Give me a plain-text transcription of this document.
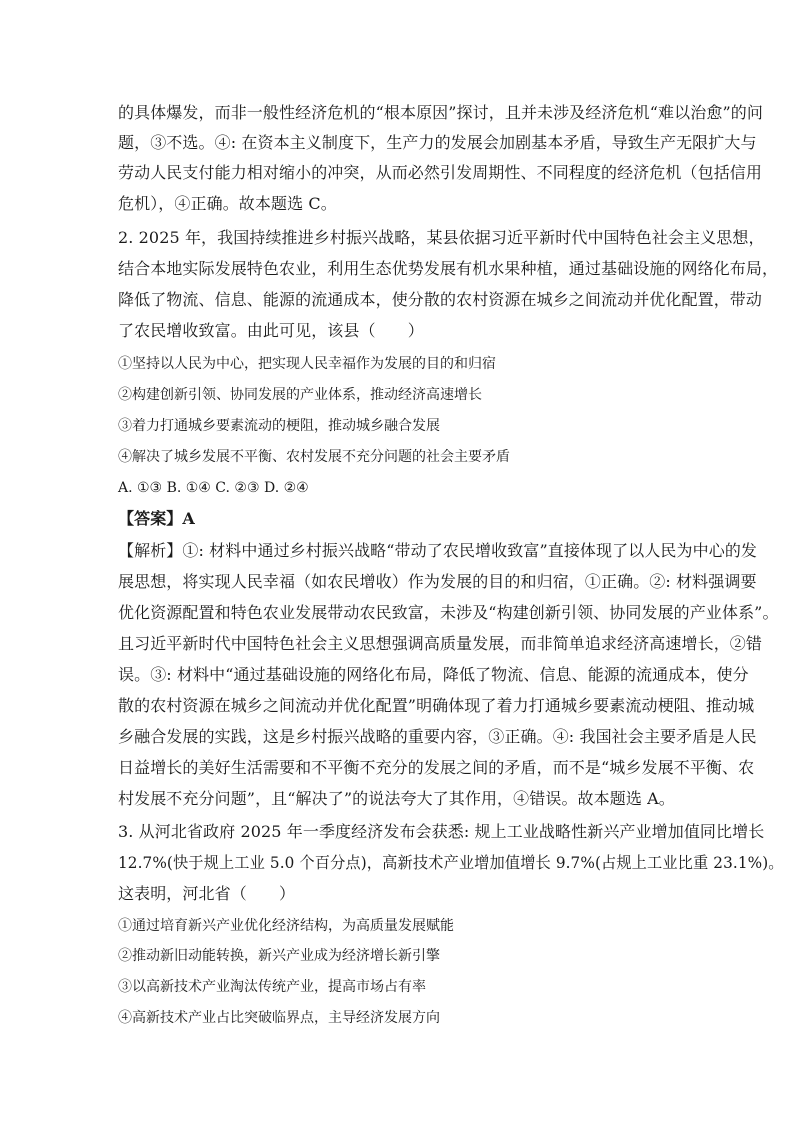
的具体爆发，而非一般性经济危机的“根本原因”探讨，且并未涉及经济危机“难以治愈”的问
题，③不选。④: 在资本主义制度下，生产力的发展会加剧基本矛盾，导致生产无限扩大与
劳动人民支付能力相对缩小的冲突，从而必然引发周期性、不同程度的经济危机（包括信用
危机），④正确。故本题选 C。
2. 2025 年，我国持续推进乡村振兴战略，某县依据习近平新时代中国特色社会主义思想，
结合本地实际发展特色农业，利用生态优势发展有机水果种植，通过基础设施的网络化布局，
降低了物流、信息、能源的流通成本，使分散的农村资源在城乡之间流动并优化配置，带动
了农民增收致富。由此可见，该县（　　）
①坚持以人民为中心，把实现人民幸福作为发展的目的和归宿
②构建创新引领、协同发展的产业体系，推动经济高速增长
③着力打通城乡要素流动的梗阻，推动城乡融合发展
④解决了城乡发展不平衡、农村发展不充分问题的社会主要矛盾
A. ①③ B. ①④ C. ②③ D. ②④
【答案】A
【解析】①: 材料中通过乡村振兴战略“带动了农民增收致富”直接体现了以人民为中心的发
展思想，将实现人民幸福（如农民增收）作为发展的目的和归宿，①正确。②: 材料强调要
优化资源配置和特色农业发展带动农民致富，未涉及“构建创新引领、协同发展的产业体系”。
且习近平新时代中国特色社会主义思想强调高质量发展，而非简单追求经济高速增长，②错
误。③: 材料中“通过基础设施的网络化布局，降低了物流、信息、能源的流通成本，使分
散的农村资源在城乡之间流动并优化配置”明确体现了着力打通城乡要素流动梗阻、推动城
乡融合发展的实践，这是乡村振兴战略的重要内容，③正确。④: 我国社会主要矛盾是人民
日益增长的美好生活需要和不平衡不充分的发展之间的矛盾，而不是“城乡发展不平衡、农
村发展不充分问题”，且“解决了”的说法夸大了其作用，④错误。故本题选 A。
3. 从河北省政府 2025 年一季度经济发布会获悉: 规上工业战略性新兴产业增加值同比增长
12.7%(快于规上工业 5.0 个百分点)，高新技术产业增加值增长 9.7%(占规上工业比重 23.1%)。
这表明，河北省（　　）
①通过培育新兴产业优化经济结构，为高质量发展赋能
②推动新旧动能转换，新兴产业成为经济增长新引擎
③以高新技术产业淘汰传统产业，提高市场占有率
④高新技术产业占比突破临界点，主导经济发展方向
